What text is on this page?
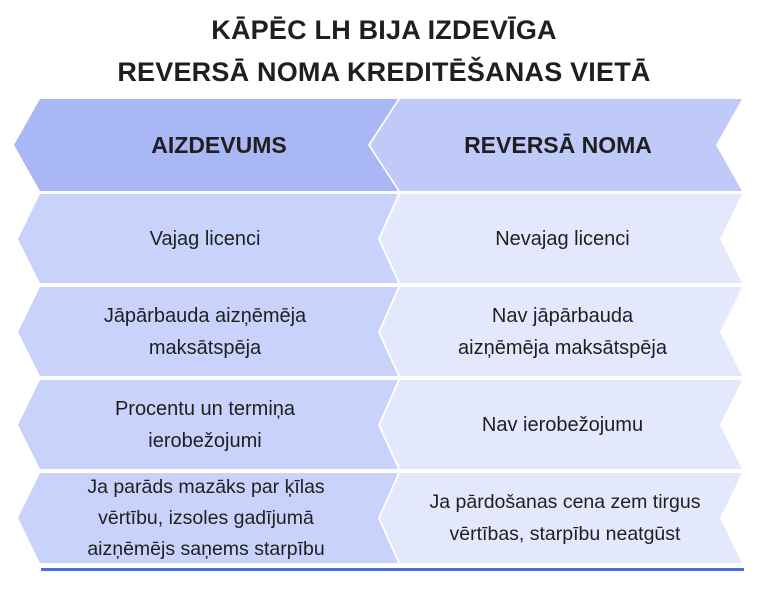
KĀPĒC LH BIJA IZDEVĪGA
REVERSĀ NOMA KREDITĒŠANAS VIETĀ
AIZDEVUMS	REVERSĀ NOMA
Vajag licenci	Nevajag licenci
Jāpārbauda aizņēmēja
maksātspēja
Nav jāpārbauda
aizņēmēja maksātspēja
Procentu un termiņa
ierobežojumi
Nav ierobežojumu
Ja parāds mazāks par ķīlas
vērtību, izsoles gadījumā
aizņēmējs saņems starpību
Ja pārdošanas cena zem tirgus
vērtības, starpību neatgūst
